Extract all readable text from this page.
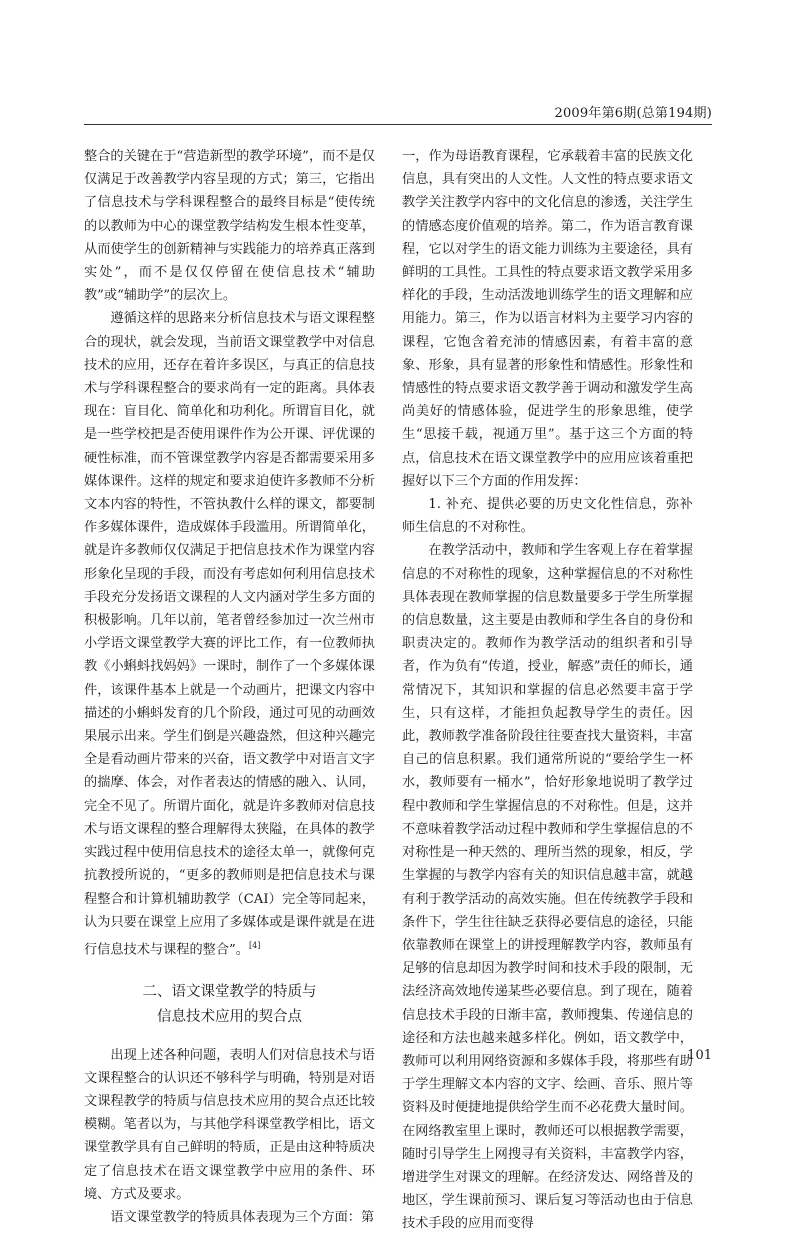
2009年第6期(总第194期)

整合的关键在于“营造新型的教学环境”，而不是仅仅满足于改善教学内容呈现的方式；第三，它指出了信息技术与学科课程整合的最终目标是“使传统的以教师为中心的课堂教学结构发生根本性变革，从而使学生的创新精神与实践能力的培养真正落到实处”，而不是仅仅停留在使信息技术“辅助教”或“辅助学”的层次上。

遵循这样的思路来分析信息技术与语文课程整合的现状，就会发现，当前语文课堂教学中对信息技术的应用，还存在着许多误区，与真正的信息技术与学科课程整合的要求尚有一定的距离。具体表现在：盲目化、简单化和功利化。所谓盲目化，就是一些学校把是否使用课件作为公开课、评优课的硬性标准，而不管课堂教学内容是否都需要采用多媒体课件。这样的规定和要求迫使许多教师不分析文本内容的特性，不管执教什么样的课文，都要制作多媒体课件，造成媒体手段滥用。所谓简单化，就是许多教师仅仅满足于把信息技术作为课堂内容形象化呈现的手段，而没有考虑如何利用信息技术手段充分发扬语文课程的人文内涵对学生多方面的积极影响。几年以前，笔者曾经参加过一次兰州市小学语文课堂教学大赛的评比工作，有一位教师执教《小蝌蚪找妈妈》一课时，制作了一个多媒体课件，该课件基本上就是一个动画片，把课文内容中描述的小蝌蚪发育的几个阶段，通过可见的动画效果展示出来。学生们倒是兴趣盎然，但这种兴趣完全是看动画片带来的兴奋，语文教学中对语言文字的揣摩、体会，对作者表达的情感的融入、认同，完全不见了。所谓片面化，就是许多教师对信息技术与语文课程的整合理解得太狭隘，在具体的教学实践过程中使用信息技术的途径太单一，就像何克抗教授所说的，“更多的教师则是把信息技术与课程整合和计算机辅助教学（CAI）完全等同起来，认为只要在课堂上应用了多媒体或是课件就是在进行信息技术与课程的整合”。[4]

二、语文课堂教学的特质与
信息技术应用的契合点

出现上述各种问题，表明人们对信息技术与语文课程整合的认识还不够科学与明确，特别是对语文课程教学的特质与信息技术应用的契合点还比较模糊。笔者以为，与其他学科课堂教学相比，语文课堂教学具有自己鲜明的特质，正是由这种特质决定了信息技术在语文课堂教学中应用的条件、环境、方式及要求。

语文课堂教学的特质具体表现为三个方面：第

一，作为母语教育课程，它承载着丰富的民族文化信息，具有突出的人文性。人文性的特点要求语文教学关注教学内容中的文化信息的渗透，关注学生的情感态度价值观的培养。第二，作为语言教育课程，它以对学生的语文能力训练为主要途径，具有鲜明的工具性。工具性的特点要求语文教学采用多样化的手段，生动活泼地训练学生的语文理解和应用能力。第三，作为以语言材料为主要学习内容的课程，它饱含着充沛的情感因素，有着丰富的意象、形象，具有显著的形象性和情感性。形象性和情感性的特点要求语文教学善于调动和激发学生高尚美好的情感体验，促进学生的形象思维，使学生“思接千载，视通万里”。基于这三个方面的特点，信息技术在语文课堂教学中的应用应该着重把握好以下三个方面的作用发挥：

1. 补充、提供必要的历史文化性信息，弥补师生信息的不对称性。

在教学活动中，教师和学生客观上存在着掌握信息的不对称性的现象，这种掌握信息的不对称性具体表现在教师掌握的信息数量要多于学生所掌握的信息数量，这主要是由教师和学生各自的身份和职责决定的。教师作为教学活动的组织者和引导者，作为负有“传道，授业，解惑”责任的师长，通常情况下，其知识和掌握的信息必然要丰富于学生，只有这样，才能担负起教导学生的责任。因此，教师教学准备阶段往往要查找大量资料，丰富自己的信息积累。我们通常所说的“要给学生一杯水，教师要有一桶水”，恰好形象地说明了教学过程中教师和学生掌握信息的不对称性。但是，这并不意味着教学活动过程中教师和学生掌握信息的不对称性是一种天然的、理所当然的现象，相反，学生掌握的与教学内容有关的知识信息越丰富，就越有利于教学活动的高效实施。但在传统教学手段和条件下，学生往往缺乏获得必要信息的途径，只能依靠教师在课堂上的讲授理解教学内容，教师虽有足够的信息却因为教学时间和技术手段的限制，无法经济高效地传递某些必要信息。到了现在，随着信息技术手段的日渐丰富，教师搜集、传递信息的途径和方法也越来越多样化。例如，语文教学中，教师可以利用网络资源和多媒体手段，将那些有助于学生理解文本内容的文字、绘画、音乐、照片等资料及时便捷地提供给学生而不必花费大量时间。在网络教室里上课时，教师还可以根据教学需要，随时引导学生上网搜寻有关资料，丰富教学内容，增进学生对课文的理解。在经济发达、网络普及的地区，学生课前预习、课后复习等活动也由于信息技术手段的应用而变得

101
